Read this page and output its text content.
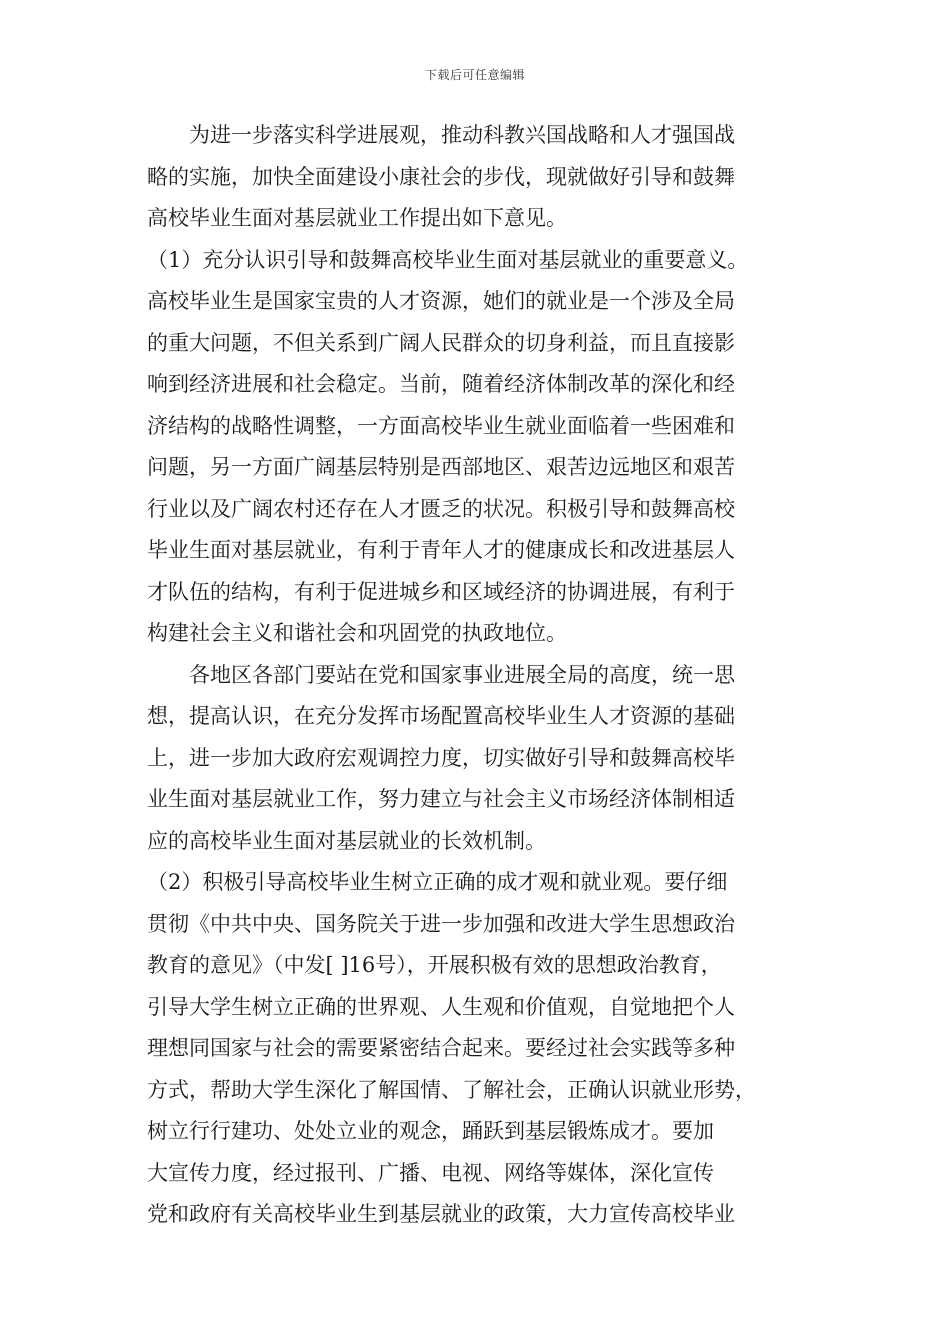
下载后可任意编辑
　　为进一步落实科学进展观，推动科教兴国战略和人才强国战
略的实施，加快全面建设小康社会的步伐，现就做好引导和鼓舞
高校毕业生面对基层就业工作提出如下意见。
（1）充分认识引导和鼓舞高校毕业生面对基层就业的重要意义。
高校毕业生是国家宝贵的人才资源，她们的就业是一个涉及全局
的重大问题，不但关系到广阔人民群众的切身利益，而且直接影
响到经济进展和社会稳定。当前，随着经济体制改革的深化和经
济结构的战略性调整，一方面高校毕业生就业面临着一些困难和
问题，另一方面广阔基层特别是西部地区、艰苦边远地区和艰苦
行业以及广阔农村还存在人才匮乏的状况。积极引导和鼓舞高校
毕业生面对基层就业，有利于青年人才的健康成长和改进基层人
才队伍的结构，有利于促进城乡和区域经济的协调进展，有利于
构建社会主义和谐社会和巩固党的执政地位。
　　各地区各部门要站在党和国家事业进展全局的高度，统一思
想，提高认识，在充分发挥市场配置高校毕业生人才资源的基础
上，进一步加大政府宏观调控力度，切实做好引导和鼓舞高校毕
业生面对基层就业工作，努力建立与社会主义市场经济体制相适
应的高校毕业生面对基层就业的长效机制。
（2）积极引导高校毕业生树立正确的成才观和就业观。要仔细
贯彻《中共中央、国务院关于进一步加强和改进大学生思想政治
教育的意见》（中发[ ]16号），开展积极有效的思想政治教育，
引导大学生树立正确的世界观、人生观和价值观，自觉地把个人
理想同国家与社会的需要紧密结合起来。要经过社会实践等多种
方式，帮助大学生深化了解国情、了解社会，正确认识就业形势，
树立行行建功、处处立业的观念，踊跃到基层锻炼成才。要加
大宣传力度，经过报刊、广播、电视、网络等媒体，深化宣传
党和政府有关高校毕业生到基层就业的政策，大力宣传高校毕业
